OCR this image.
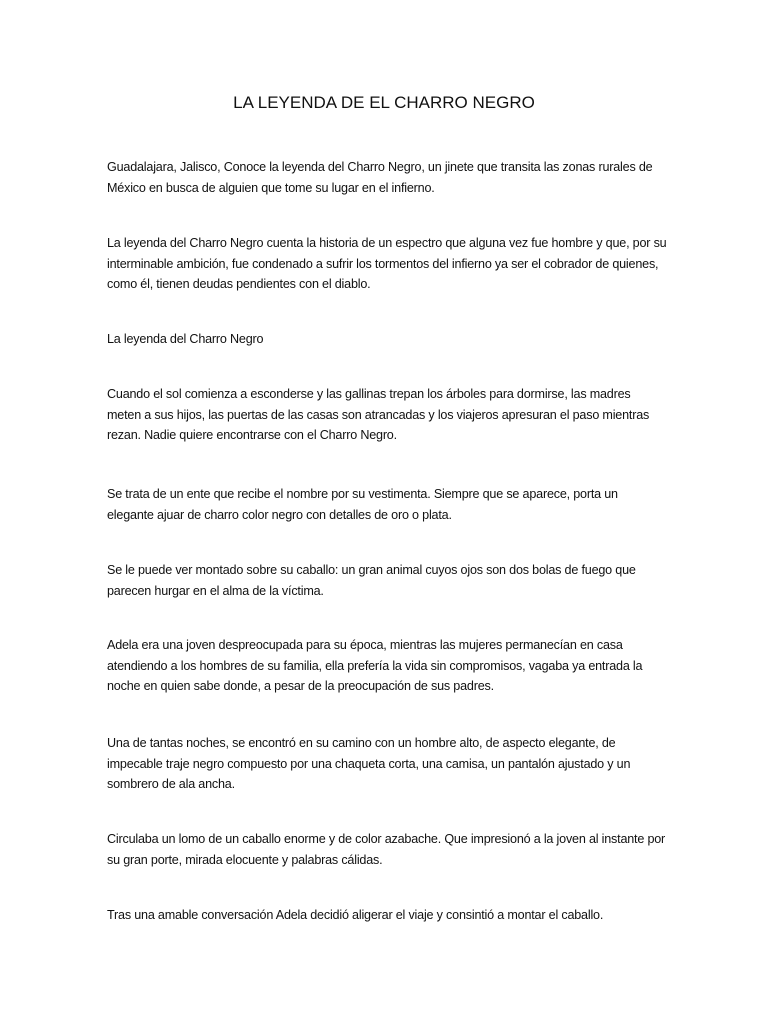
LA LEYENDA DE EL CHARRO NEGRO

Guadalajara, Jalisco, Conoce la leyenda del Charro Negro, un jinete que transita las zonas rurales de México en busca de alguien que tome su lugar en el infierno.

La leyenda del Charro Negro cuenta la historia de un espectro que alguna vez fue hombre y que, por su interminable ambición, fue condenado a sufrir los tormentos del infierno ya ser el cobrador de quienes, como él, tienen deudas pendientes con el diablo.

La leyenda del Charro Negro

Cuando el sol comienza a esconderse y las gallinas trepan los árboles para dormirse, las madres meten a sus hijos, las puertas de las casas son atrancadas y los viajeros apresuran el paso mientras rezan. Nadie quiere encontrarse con el Charro Negro.

Se trata de un ente que recibe el nombre por su vestimenta. Siempre que se aparece, porta un elegante ajuar de charro color negro con detalles de oro o plata.

Se le puede ver montado sobre su caballo: un gran animal cuyos ojos son dos bolas de fuego que parecen hurgar en el alma de la víctima.

Adela era una joven despreocupada para su época, mientras las mujeres permanecían en casa atendiendo a los hombres de su familia, ella prefería la vida sin compromisos, vagaba ya entrada la noche en quien sabe donde, a pesar de la preocupación de sus padres.

Una de tantas noches, se encontró en su camino con un hombre alto, de aspecto elegante, de impecable traje negro compuesto por una chaqueta corta, una camisa, un pantalón ajustado y un sombrero de ala ancha.

Circulaba un lomo de un caballo enorme y de color azabache. Que impresionó a la joven al instante por su gran porte, mirada elocuente y palabras cálidas.

Tras una amable conversación Adela decidió aligerar el viaje y consintió a montar el caballo.
